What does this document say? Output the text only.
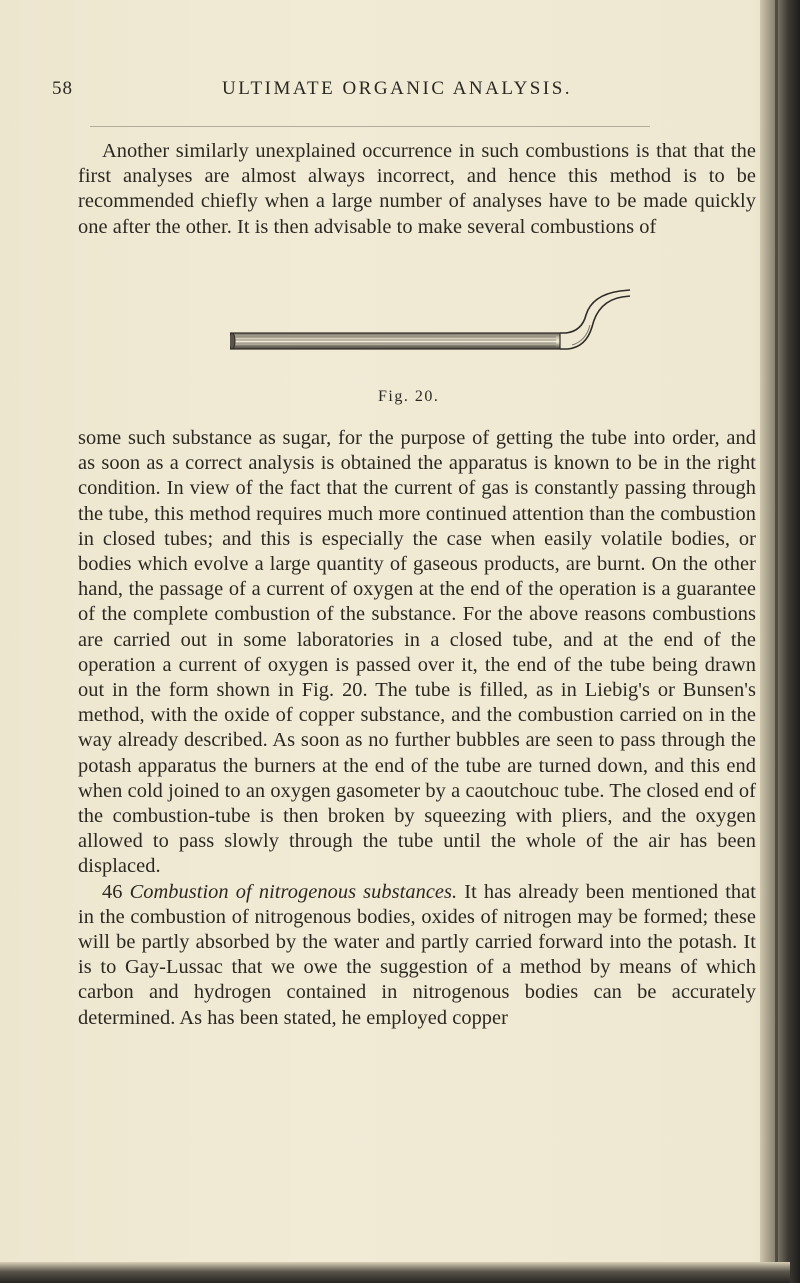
58	ULTIMATE ORGANIC ANALYSIS.

Another similarly unexplained occurrence in such combustions is that that the first analyses are almost always incorrect, and hence this method is to be recommended chiefly when a large number of analyses have to be made quickly one after the other. It is then advisable to make several combustions of

Fig. 20.

some such substance as sugar, for the purpose of getting the tube into order, and as soon as a correct analysis is obtained the apparatus is known to be in the right condition. In view of the fact that the current of gas is constantly passing through the tube, this method requires much more continued attention than the combustion in closed tubes; and this is especially the case when easily volatile bodies, or bodies which evolve a large quantity of gaseous products, are burnt. On the other hand, the passage of a current of oxygen at the end of the operation is a guarantee of the complete combustion of the substance. For the above reasons combustions are carried out in some laboratories in a closed tube, and at the end of the operation a current of oxygen is passed over it, the end of the tube being drawn out in the form shown in Fig. 20. The tube is filled, as in Liebig's or Bunsen's method, with the oxide of copper substance, and the combustion carried on in the way already described. As soon as no further bubbles are seen to pass through the potash apparatus the burners at the end of the tube are turned down, and this end when cold joined to an oxygen gasometer by a caoutchouc tube. The closed end of the combustion-tube is then broken by squeezing with pliers, and the oxygen allowed to pass slowly through the tube until the whole of the air has been displaced.

46 Combustion of nitrogenous substances. It has already been mentioned that in the combustion of nitrogenous bodies, oxides of nitrogen may be formed; these will be partly absorbed by the water and partly carried forward into the potash. It is to Gay-Lussac that we owe the suggestion of a method by means of which carbon and hydrogen contained in nitrogenous bodies can be accurately determined. As has been stated, he employed copper
